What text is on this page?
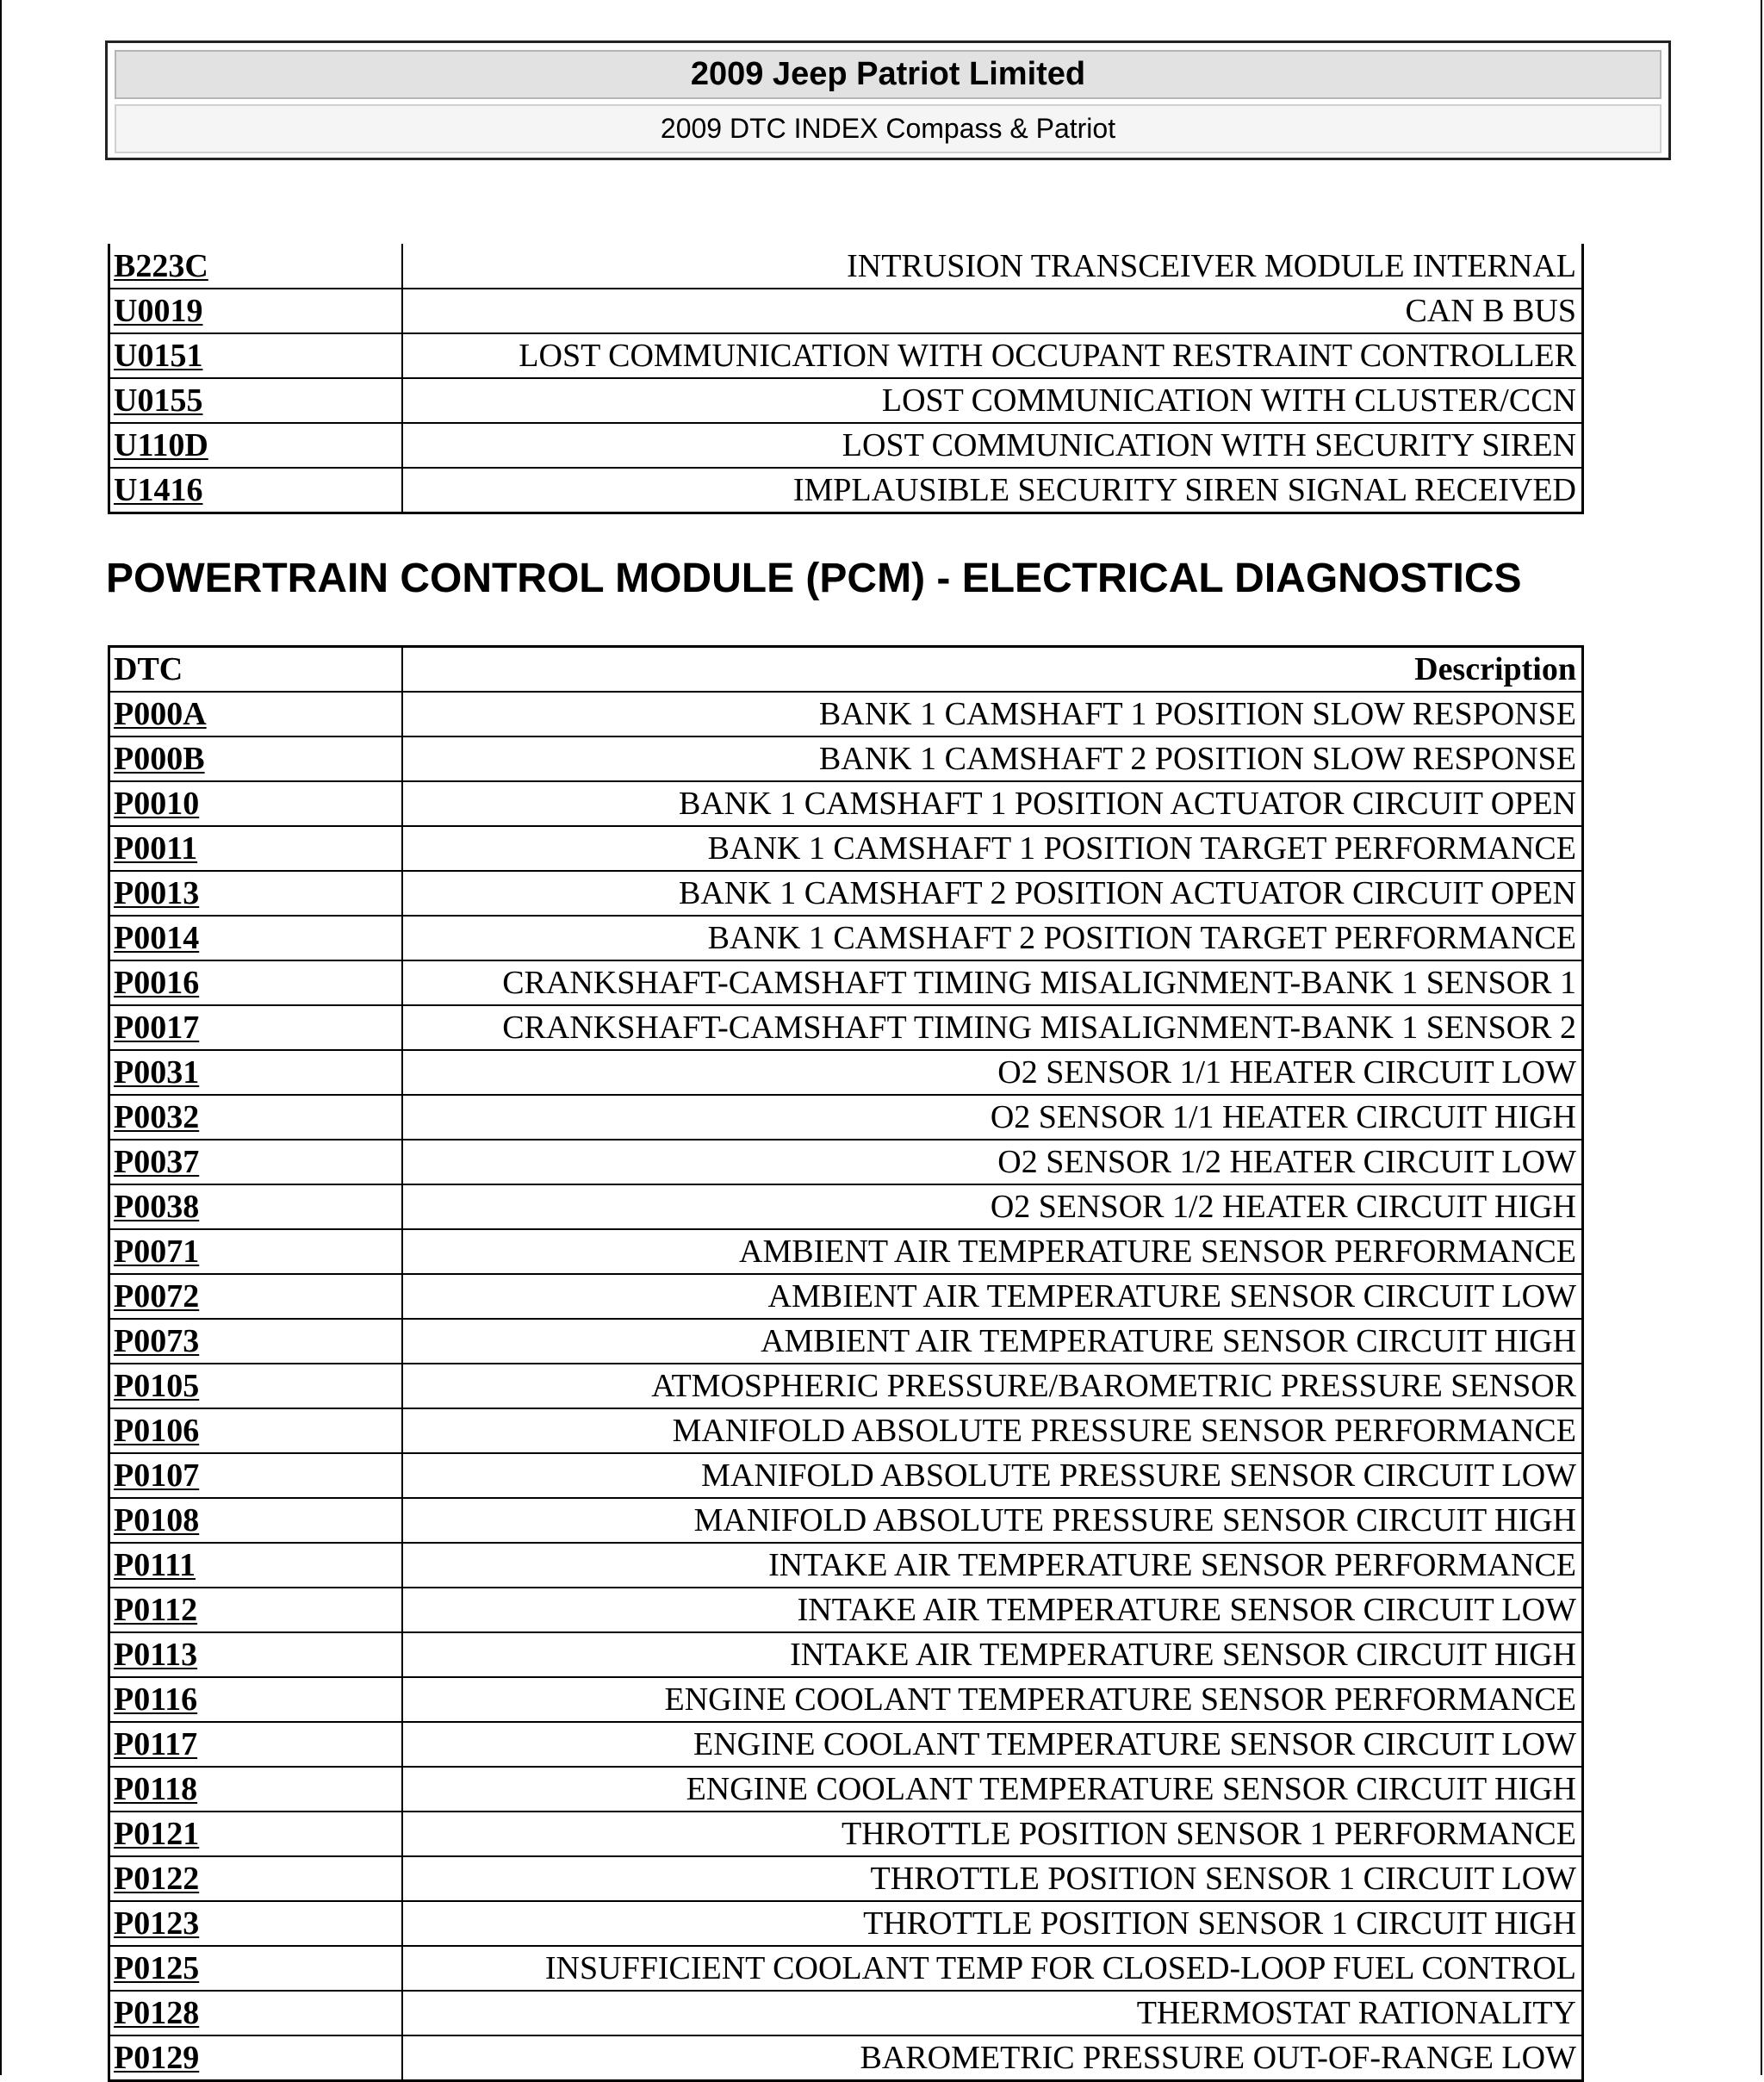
2009 Jeep Patriot Limited
2009 DTC INDEX Compass & Patriot
B223C	INTRUSION TRANSCEIVER MODULE INTERNAL
U0019	CAN B BUS
U0151	LOST COMMUNICATION WITH OCCUPANT RESTRAINT CONTROLLER
U0155	LOST COMMUNICATION WITH CLUSTER/CCN
U110D	LOST COMMUNICATION WITH SECURITY SIREN
U1416	IMPLAUSIBLE SECURITY SIREN SIGNAL RECEIVED
POWERTRAIN CONTROL MODULE (PCM) - ELECTRICAL DIAGNOSTICS
DTC	Description
P000A	BANK 1 CAMSHAFT 1 POSITION SLOW RESPONSE
P000B	BANK 1 CAMSHAFT 2 POSITION SLOW RESPONSE
P0010	BANK 1 CAMSHAFT 1 POSITION ACTUATOR CIRCUIT OPEN
P0011	BANK 1 CAMSHAFT 1 POSITION TARGET PERFORMANCE
P0013	BANK 1 CAMSHAFT 2 POSITION ACTUATOR CIRCUIT OPEN
P0014	BANK 1 CAMSHAFT 2 POSITION TARGET PERFORMANCE
P0016	CRANKSHAFT-CAMSHAFT TIMING MISALIGNMENT-BANK 1 SENSOR 1
P0017	CRANKSHAFT-CAMSHAFT TIMING MISALIGNMENT-BANK 1 SENSOR 2
P0031	O2 SENSOR 1/1 HEATER CIRCUIT LOW
P0032	O2 SENSOR 1/1 HEATER CIRCUIT HIGH
P0037	O2 SENSOR 1/2 HEATER CIRCUIT LOW
P0038	O2 SENSOR 1/2 HEATER CIRCUIT HIGH
P0071	AMBIENT AIR TEMPERATURE SENSOR PERFORMANCE
P0072	AMBIENT AIR TEMPERATURE SENSOR CIRCUIT LOW
P0073	AMBIENT AIR TEMPERATURE SENSOR CIRCUIT HIGH
P0105	ATMOSPHERIC PRESSURE/BAROMETRIC PRESSURE SENSOR
P0106	MANIFOLD ABSOLUTE PRESSURE SENSOR PERFORMANCE
P0107	MANIFOLD ABSOLUTE PRESSURE SENSOR CIRCUIT LOW
P0108	MANIFOLD ABSOLUTE PRESSURE SENSOR CIRCUIT HIGH
P0111	INTAKE AIR TEMPERATURE SENSOR PERFORMANCE
P0112	INTAKE AIR TEMPERATURE SENSOR CIRCUIT LOW
P0113	INTAKE AIR TEMPERATURE SENSOR CIRCUIT HIGH
P0116	ENGINE COOLANT TEMPERATURE SENSOR PERFORMANCE
P0117	ENGINE COOLANT TEMPERATURE SENSOR CIRCUIT LOW
P0118	ENGINE COOLANT TEMPERATURE SENSOR CIRCUIT HIGH
P0121	THROTTLE POSITION SENSOR 1 PERFORMANCE
P0122	THROTTLE POSITION SENSOR 1 CIRCUIT LOW
P0123	THROTTLE POSITION SENSOR 1 CIRCUIT HIGH
P0125	INSUFFICIENT COOLANT TEMP FOR CLOSED-LOOP FUEL CONTROL
P0128	THERMOSTAT RATIONALITY
P0129	BAROMETRIC PRESSURE OUT-OF-RANGE LOW
